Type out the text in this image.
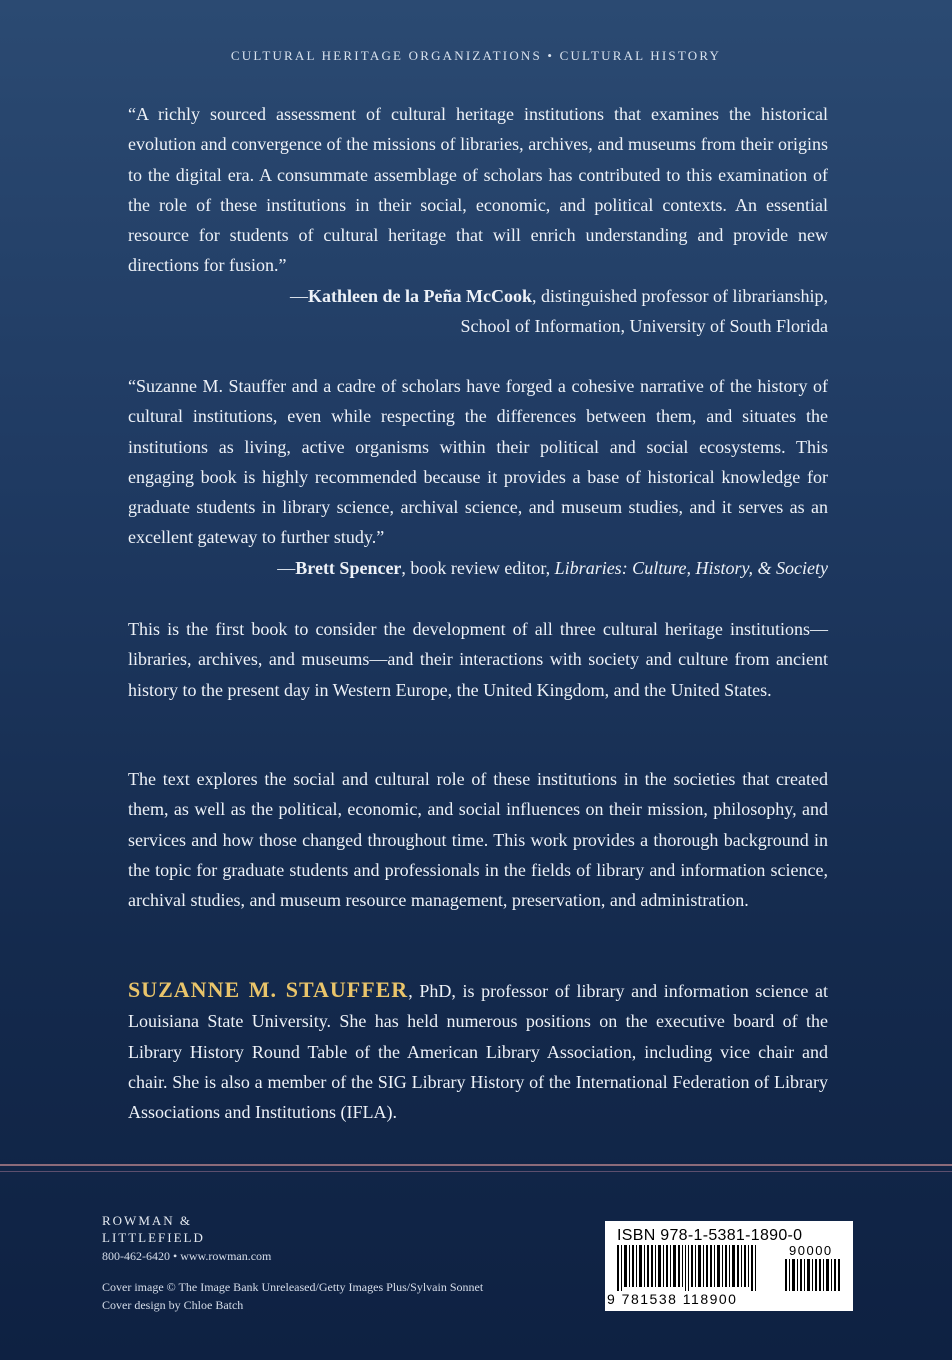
CULTURAL HERITAGE ORGANIZATIONS • CULTURAL HISTORY
“A richly sourced assessment of cultural heritage institutions that examines the historical evolution and convergence of the missions of libraries, archives, and museums from their origins to the digital era. A consummate assemblage of scholars has contributed to this examination of the role of these institutions in their social, economic, and political contexts. An essential resource for students of cultural heritage that will enrich understanding and provide new directions for fusion.”
—Kathleen de la Peña McCook, distinguished professor of librarianship,
School of Information, University of South Florida
“Suzanne M. Stauffer and a cadre of scholars have forged a cohesive narrative of the history of cultural institutions, even while respecting the differences between them, and situates the institutions as living, active organisms within their political and social ecosystems. This engaging book is highly recommended because it provides a base of historical knowledge for graduate students in library science, archival science, and museum studies, and it serves as an excellent gateway to further study.”
—Brett Spencer, book review editor, Libraries: Culture, History, & Society
This is the first book to consider the development of all three cultural heritage institutions—libraries, archives, and museums—and their interactions with society and culture from ancient history to the present day in Western Europe, the United Kingdom, and the United States.
The text explores the social and cultural role of these institutions in the societies that created them, as well as the political, economic, and social influences on their mission, philosophy, and services and how those changed throughout time. This work provides a thorough background in the topic for graduate students and professionals in the fields of library and information science, archival studies, and museum resource management, preservation, and administration.
SUZANNE M. STAUFFER, PhD, is professor of library and information science at Louisiana State University. She has held numerous positions on the executive board of the Library History Round Table of the American Library Association, including vice chair and chair. She is also a member of the SIG Library History of the International Federation of Library Associations and Institutions (IFLA).
ROWMAN &
LITTLEFIELD
800-462-6420 • www.rowman.com
Cover image © The Image Bank Unreleased/Getty Images Plus/Sylvain Sonnet
Cover design by Chloe Batch
ISBN 978-1-5381-1890-0
90000
9 781538 118900
